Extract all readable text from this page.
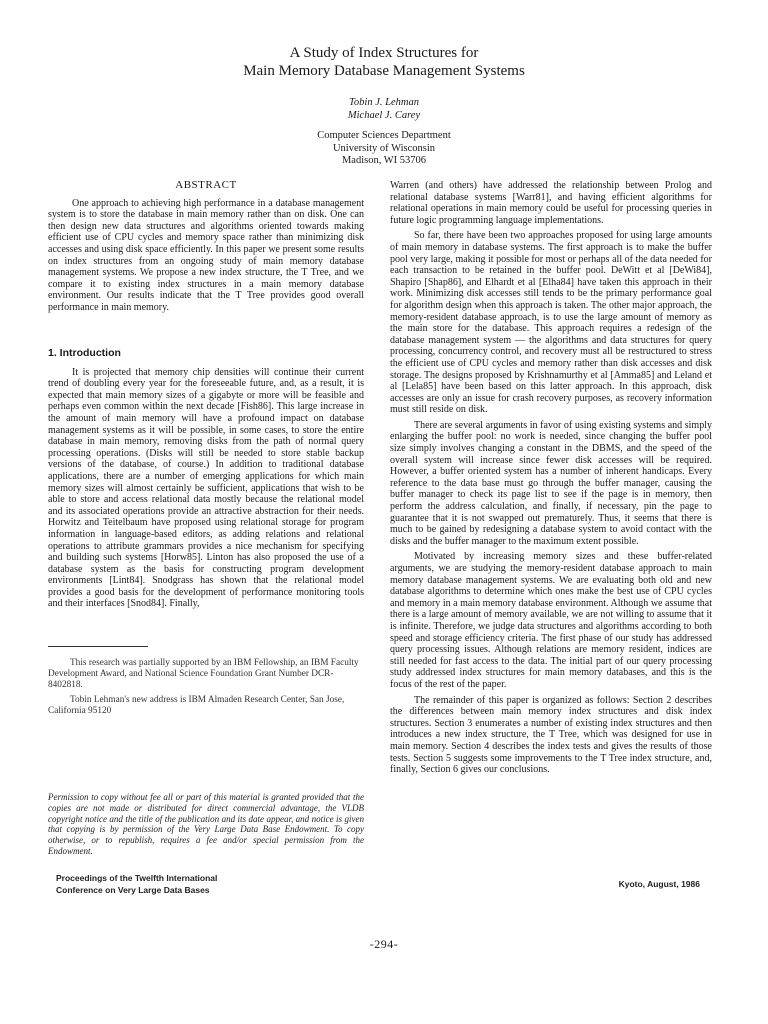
A Study of Index Structures for
Main Memory Database Management Systems
Tobin J. Lehman
Michael J. Carey
Computer Sciences Department
University of Wisconsin
Madison, WI 53706
ABSTRACT

One approach to achieving high performance in a database management system is to store the database in main memory rather than on disk. One can then design new data structures and algorithms oriented towards making efficient use of CPU cycles and memory space rather than minimizing disk accesses and using disk space efficiently. In this paper we present some results on index structures from an ongoing study of main memory database management systems. We propose a new index structure, the T Tree, and we compare it to existing index structures in a main memory database environment. Our results indicate that the T Tree provides good overall performance in main memory.

1. Introduction

It is projected that memory chip densities will continue their current trend of doubling every year for the foreseeable future, and, as a result, it is expected that main memory sizes of a gigabyte or more will be feasible and perhaps even common within the next decade [Fish86]. This large increase in the amount of main memory will have a profound impact on database management systems as it will be possible, in some cases, to store the entire database in main memory, removing disks from the path of normal query processing operations. (Disks will still be needed to store stable backup versions of the database, of course.) In addition to traditional database applications, there are a number of emerging applications for which main memory sizes will almost certainly be sufficient, applications that wish to be able to store and access relational data mostly because the relational model and its associated operations provide an attractive abstraction for their needs. Horwitz and Teitelbaum have proposed using relational storage for program information in language-based editors, as adding relations and relational operations to attribute grammars provides a nice mechanism for specifying and building such systems [Horw85]. Linton has also proposed the use of a database system as the basis for constructing program development environments [Lint84]. Snodgrass has shown that the relational model provides a good basis for the development of performance monitoring tools and their interfaces [Snod84]. Finally,

This research was partially supported by an IBM Fellowship, an IBM Faculty Development Award, and National Science Foundation Grant Number DCR-8402818.

Tobin Lehman's new address is IBM Almaden Research Center, San Jose, California 95120

Permission to copy without fee all or part of this material is granted provided that the copies are not made or distributed for direct commercial advantage, the VLDB copyright notice and the title of the publication and its date appear, and notice is given that copying is by permission of the Very Large Data Base Endowment. To copy otherwise, or to republish, requires a fee and/or special permission from the Endowment.

Warren (and others) have addressed the relationship between Prolog and relational database systems [Warr81], and having efficient algorithms for relational operations in main memory could be useful for processing queries in future logic programming language implementations.

So far, there have been two approaches proposed for using large amounts of main memory in database systems. The first approach is to make the buffer pool very large, making it possible for most or perhaps all of the data needed for each transaction to be retained in the buffer pool. DeWitt et al [DeWi84], Shapiro [Shap86], and Elhardt et al [Elha84] have taken this approach in their work. Minimizing disk accesses still tends to be the primary performance goal for algorithm design when this approach is taken. The other major approach, the memory-resident database approach, is to use the large amount of memory as the main store for the database. This approach requires a redesign of the database management system — the algorithms and data structures for query processing, concurrency control, and recovery must all be restructured to stress the efficient use of CPU cycles and memory rather than disk accesses and disk storage. The designs proposed by Krishnamurthy et al [Amma85] and Leland et al [Lela85] have been based on this latter approach. In this approach, disk accesses are only an issue for crash recovery purposes, as recovery information must still reside on disk.

There are several arguments in favor of using existing systems and simply enlarging the buffer pool: no work is needed, since changing the buffer pool size simply involves changing a constant in the DBMS, and the speed of the overall system will increase since fewer disk accesses will be required. However, a buffer oriented system has a number of inherent handicaps. Every reference to the data base must go through the buffer manager, causing the buffer manager to check its page list to see if the page is in memory, then perform the address calculation, and finally, if necessary, pin the page to guarantee that it is not swapped out prematurely. Thus, it seems that there is much to be gained by redesigning a database system to avoid contact with the disks and the buffer manager to the maximum extent possible.

Motivated by increasing memory sizes and these buffer-related arguments, we are studying the memory-resident database approach to main memory database management systems. We are evaluating both old and new database algorithms to determine which ones make the best use of CPU cycles and memory in a main memory database environment. Although we assume that there is a large amount of memory available, we are not willing to assume that it is infinite. Therefore, we judge data structures and algorithms according to both speed and storage efficiency criteria. The first phase of our study has addressed query processing issues. Although relations are memory resident, indices are still needed for fast access to the data. The initial part of our query processing study addressed index structures for main memory databases, and this is the focus of the rest of the paper.

The remainder of this paper is organized as follows: Section 2 describes the differences between main memory index structures and disk index structures. Section 3 enumerates a number of existing index structures and then introduces a new index structure, the T Tree, which was designed for use in main memory. Section 4 describes the index tests and gives the results of those tests. Section 5 suggests some improvements to the T Tree index structure, and, finally, Section 6 gives our conclusions.

Proceedings of the Twelfth International
Conference on Very Large Data Bases
Kyoto, August, 1986
-294-
